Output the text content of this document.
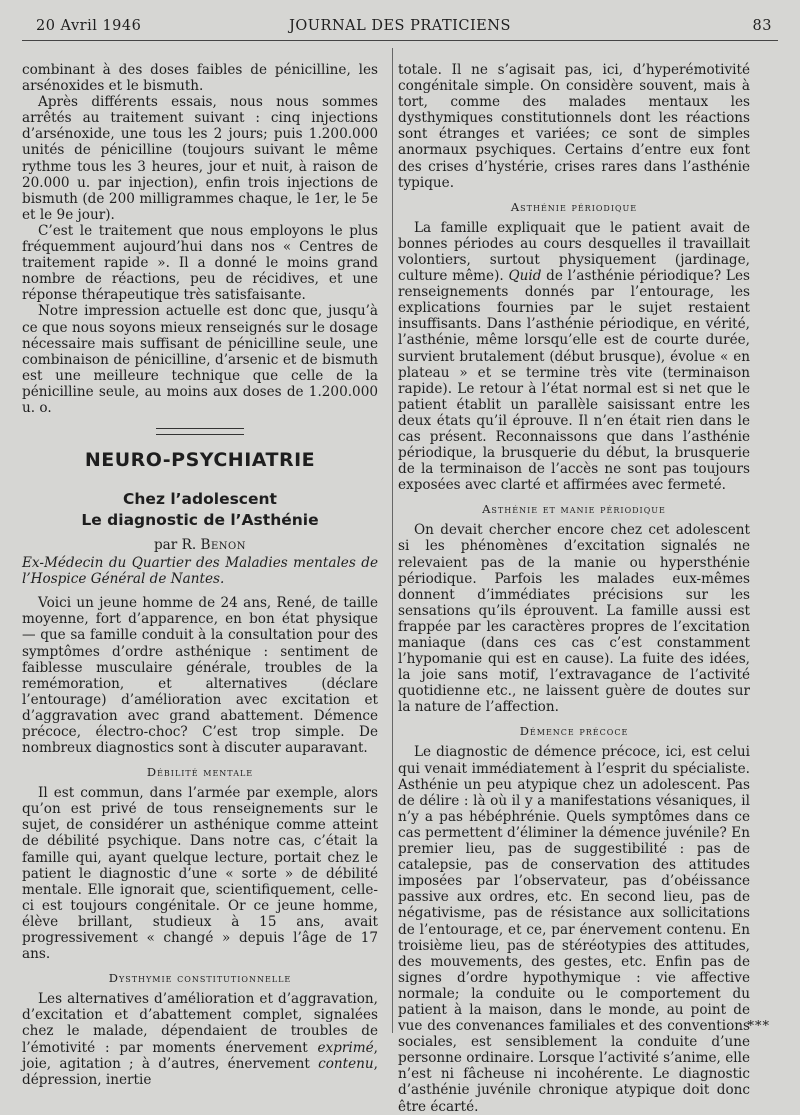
20 Avril 1946	JOURNAL DES PRATICIENS	83

combinant à des doses faibles de pénicilline, les arsénoxides et le bismuth.

Après différents essais, nous nous sommes arrêtés au traitement suivant : cinq injections d’arsénoxide, une tous les 2 jours; puis 1.200.000 unités de pénicilline (toujours suivant le même rythme tous les 3 heures, jour et nuit, à raison de 20.000 u. par injection), enfin trois injections de bismuth (de 200 milligrammes chaque, le 1er, le 5e et le 9e jour).

C’est le traitement que nous employons le plus fréquemment aujourd’hui dans nos « Centres de traitement rapide ». Il a donné le moins grand nombre de réactions, peu de récidives, et une réponse thérapeutique très satisfaisante.

Notre impression actuelle est donc que, jusqu’à ce que nous soyons mieux renseignés sur le dosage nécessaire mais suffisant de pénicilline seule, une combinaison de pénicilline, d’arsenic et de bismuth est une meilleure technique que celle de la pénicilline seule, au moins aux doses de 1.200.000 u. o.

NEURO-PSYCHIATRIE
Chez l’adolescent
Le diagnostic de l’Asthénie
par R. Benon
Ex-Médecin du Quartier des Maladies mentales de l’Hospice Général de Nantes.

Voici un jeune homme de 24 ans, René, de taille moyenne, fort d’apparence, en bon état physique — que sa famille conduit à la consultation pour des symptômes d’ordre asthénique : sentiment de faiblesse musculaire générale, troubles de la remémoration, et alternatives (déclare l’entourage) d’amélioration avec excitation et d’aggravation avec grand abattement. Démence précoce, électro-choc? C’est trop simple. De nombreux diagnostics sont à discuter auparavant.

Débilité mentale

Il est commun, dans l’armée par exemple, alors qu’on est privé de tous renseignements sur le sujet, de considérer un asthénique comme atteint de débilité psychique. Dans notre cas, c’était la famille qui, ayant quelque lecture, portait chez le patient le diagnostic d’une « sorte » de débilité mentale. Elle ignorait que, scientifiquement, celle-ci est toujours congénitale. Or ce jeune homme, élève brillant, studieux à 15 ans, avait progressivement « changé » depuis l’âge de 17 ans.

Dysthymie constitutionnelle

Les alternatives d’amélioration et d’aggravation, d’excitation et d’abattement complet, signalées chez le malade, dépendaient de troubles de l’émotivité : par moments énervement exprimé, joie, agitation ; à d’autres, énervement contenu, dépression, inertie

totale. Il ne s’agisait pas, ici, d’hyperémotivité congénitale simple. On considère souvent, mais à tort, comme des malades mentaux les dysthymiques constitutionnels dont les réactions sont étranges et variées; ce sont de simples anormaux psychiques. Certains d’entre eux font des crises d’hystérie, crises rares dans l’asthénie typique.

Asthénie périodique

La famille expliquait que le patient avait de bonnes périodes au cours desquelles il travaillait volontiers, surtout physiquement (jardinage, culture même). Quid de l’asthénie périodique? Les renseignements donnés par l’entourage, les explications fournies par le sujet restaient insuffisants. Dans l’asthénie périodique, en vérité, l’asthénie, même lorsqu’elle est de courte durée, survient brutalement (début brusque), évolue « en plateau » et se termine très vite (terminaison rapide). Le retour à l’état normal est si net que le patient établit un parallèle saisissant entre les deux états qu’il éprouve. Il n’en était rien dans le cas présent. Reconnaissons que dans l’asthénie périodique, la brusquerie du début, la brusquerie de la terminaison de l’accès ne sont pas toujours exposées avec clarté et affirmées avec fermeté.

Asthénie et manie périodique

On devait chercher encore chez cet adolescent si les phénomènes d’excitation signalés ne relevaient pas de la manie ou hypersthénie périodique. Parfois les malades eux-mêmes donnent d’immédiates précisions sur les sensations qu’ils éprouvent. La famille aussi est frappée par les caractères propres de l’excitation maniaque (dans ces cas c’est constamment l’hypomanie qui est en cause). La fuite des idées, la joie sans motif, l’extravagance de l’activité quotidienne etc., ne laissent guère de doutes sur la nature de l’affection.

Démence précoce

Le diagnostic de démence précoce, ici, est celui qui venait immédiatement à l’esprit du spécialiste. Asthénie un peu atypique chez un adolescent. Pas de délire : là où il y a manifestations vésaniques, il n’y a pas hébéphrénie. Quels symptômes dans ce cas permettent d’éliminer la démence juvénile? En premier lieu, pas de suggestibilité : pas de catalepsie, pas de conservation des attitudes imposées par l’observateur, pas d’obéissance passive aux ordres, etc. En second lieu, pas de négativisme, pas de résistance aux sollicitations de l’entourage, et ce, par énervement contenu. En troisième lieu, pas de stéréotypies des attitudes, des mouvements, des gestes, etc. Enfin pas de signes d’ordre hypothymique : vie affective normale; la conduite ou le comportement du patient à la maison, dans le monde, au point de vue des convenances familiales et des conventions sociales, est sensiblement la conduite d’une personne ordinaire. Lorsque l’activité s’anime, elle n’est ni fâcheuse ni incohérente. Le diagnostic d’asthénie juvénile chronique atypique doit donc être écarté.

***
